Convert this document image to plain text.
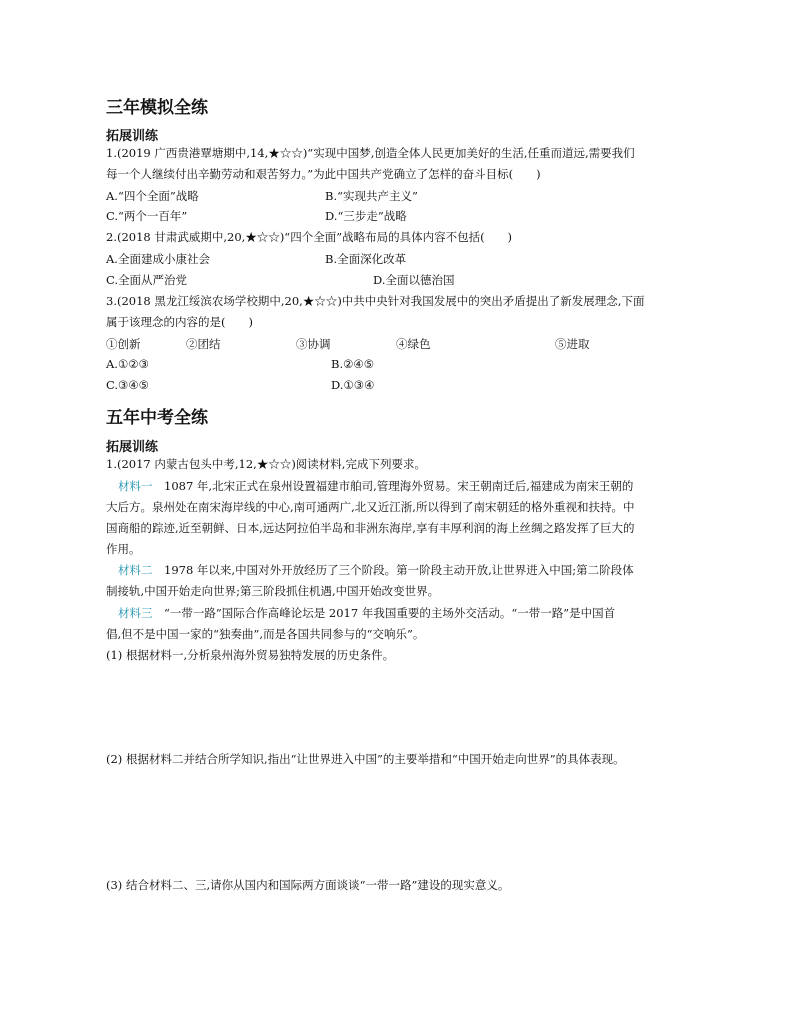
三年模拟全练
拓展训练
1.(2019 广西贵港覃塘期中,14,★☆☆)“实现中国梦,创造全体人民更加美好的生活,任重而道远,需要我们
每一个人继续付出辛勤劳动和艰苦努力。”为此中国共产党确立了怎样的奋斗目标(　　)
A.“四个全面”战略	B.“实现共产主义”
C.“两个一百年”	D.“三步走”战略
2.(2018 甘肃武威期中,20,★☆☆)“四个全面”战略布局的具体内容不包括(　　)
A.全面建成小康社会	B.全面深化改革
C.全面从严治党	D.全面以德治国
3.(2018 黑龙江绥滨农场学校期中,20,★☆☆)中共中央针对我国发展中的突出矛盾提出了新发展理念,下面
属于该理念的内容的是(　　)
①创新	②团结	③协调	④绿色	⑤进取
A.①②③	B.②④⑤
C.③④⑤	D.①③④
五年中考全练
拓展训练
1.(2017 内蒙古包头中考,12,★☆☆)阅读材料,完成下列要求。
材料一　1087 年,北宋正式在泉州设置福建市舶司,管理海外贸易。宋王朝南迁后,福建成为南宋王朝的
大后方。泉州处在南宋海岸线的中心,南可通两广,北又近江浙,所以得到了南宋朝廷的格外重视和扶持。中
国商船的踪迹,近至朝鲜、日本,远达阿拉伯半岛和非洲东海岸,享有丰厚利润的海上丝绸之路发挥了巨大的
作用。
材料二　1978 年以来,中国对外开放经历了三个阶段。第一阶段主动开放,让世界进入中国;第二阶段体
制接轨,中国开始走向世界;第三阶段抓住机遇,中国开始改变世界。
材料三　“一带一路”国际合作高峰论坛是 2017 年我国重要的主场外交活动。“一带一路”是中国首
倡,但不是中国一家的“独奏曲”,而是各国共同参与的“交响乐”。
(1) 根据材料一,分析泉州海外贸易独特发展的历史条件。
(2) 根据材料二并结合所学知识,指出“让世界进入中国”的主要举措和“中国开始走向世界”的具体表现。
(3) 结合材料二、三,请你从国内和国际两方面谈谈“一带一路”建设的现实意义。
